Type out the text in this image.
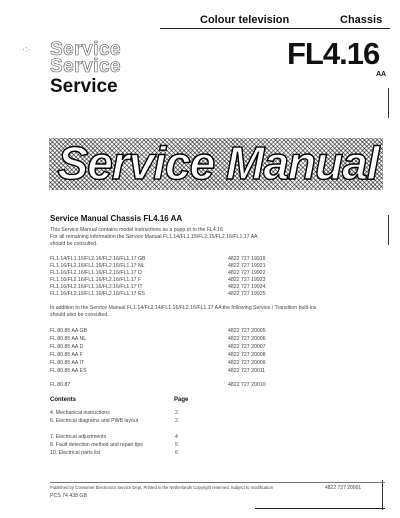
Colour television	Chassis
FL4.16
AA
·:· Service
Service
Service
Service Manual
Service Manual Chassis FL4.16 AA
This Service Manual contains model instructions as a pupp et to the FL4.16
For all remaining information the Service Manual FL1.14/FL1.15/FL2.15/FL2.16/FL1.17 AA
should be consulted.
FL1.14/FL1.16/FL2.16/FL2.16/FL1.17 GB	4822 727 19919
FL1.16/FL2.16/FL1.16/FL2.16/FL1.17 NL	4822 727 19921
FL1.16/FL2.16/FL1.16/FL2.16/FL1.17 D	4822 727 19922
FL1.16/FL2.16/FL1.16/FL2.16/FL1.17 F	4822 727 19923
FL1.16/FL2.16/FL1.16/FL2.16/FL1.17 IT	4822 727 19924
FL1.16/FL2.16/FL1.16/FL2.16/FL1.17 ES	4822 727 19925
In addition to the Service Manual FL1.14/FL2.14/FL1.16/FL2.16/FL1.17 AA the following Service / Transition built-ins
should also be consulted.
FL 80.85 AA GB	4822 727 20005
FL 80.85 AA NL	4822 727 20006
FL 80.85 AA D	4822 727 20007
FL 80.85 AA F	4822 727 20008
FL 80.85 AA IT	4822 727 20009
FL 80.85 AA ES	4822 727 20011
FL 80.87	4822 727 20010
Contents	Page
4. Mechanical instructions	2
6. Electrical diagrams and PWB layout	2
7. Electrical adjustments	4
8. Fault detection method and repair tips	5
10. Electrical parts list	6
Published by Consumer Electronics Service Dept. Printed in the Netherlands Copyright reserved. Subject to modification	4822 727 20001
PCS 74 438 GB
